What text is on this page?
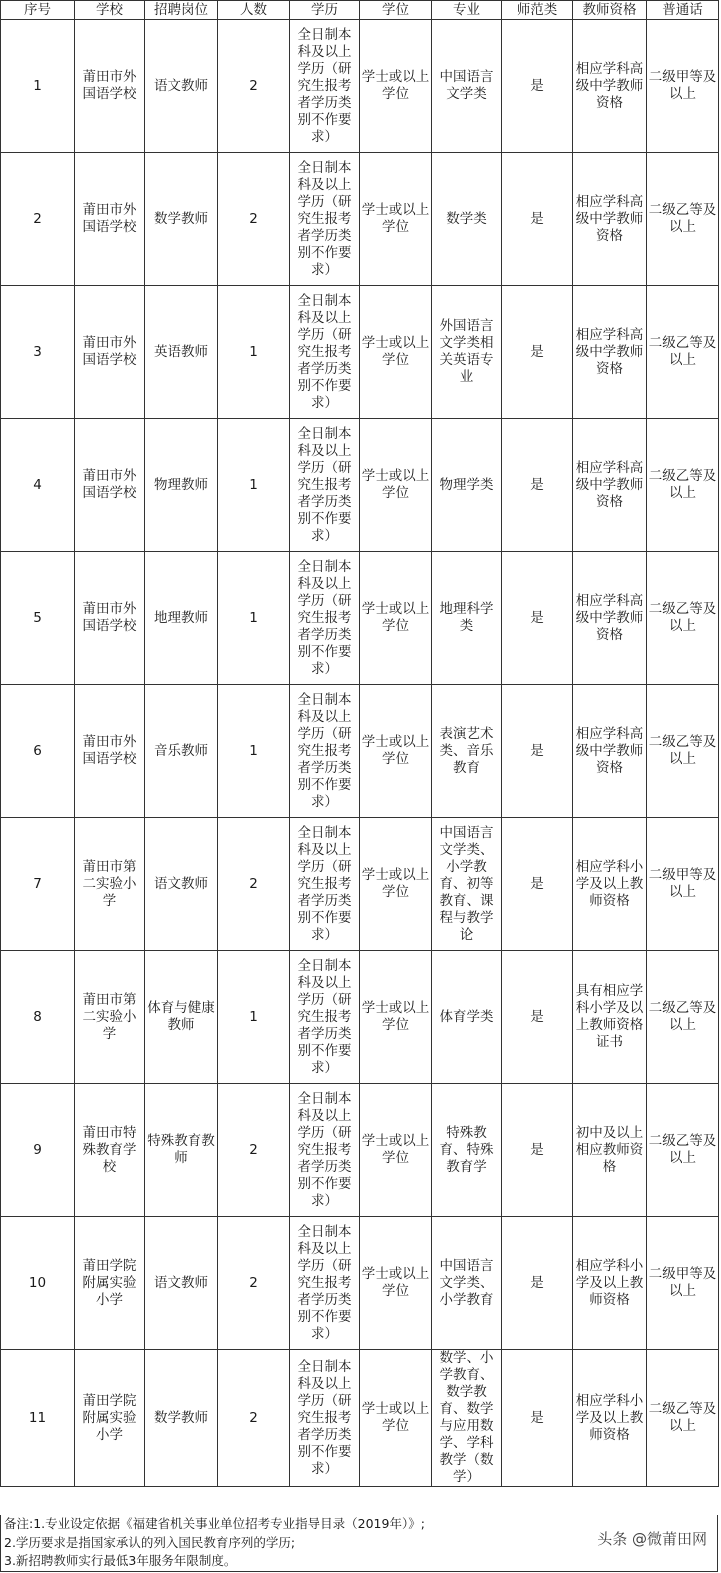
序号	学校	招聘岗位	人数	学历	学位	专业	师范类	教师资格	普通话
1	莆田市外国语学校	语文教师	2	全日制本科及以上学历（研究生报考者学历类别不作要求）	学士或以上学位	中国语言文学类	是	相应学科高级中学教师资格	二级甲等及以上
2	莆田市外国语学校	数学教师	2	全日制本科及以上学历（研究生报考者学历类别不作要求）	学士或以上学位	数学类	是	相应学科高级中学教师资格	二级乙等及以上
3	莆田市外国语学校	英语教师	1	全日制本科及以上学历（研究生报考者学历类别不作要求）	学士或以上学位	外国语言文学类相关英语专业	是	相应学科高级中学教师资格	二级乙等及以上
4	莆田市外国语学校	物理教师	1	全日制本科及以上学历（研究生报考者学历类别不作要求）	学士或以上学位	物理学类	是	相应学科高级中学教师资格	二级乙等及以上
5	莆田市外国语学校	地理教师	1	全日制本科及以上学历（研究生报考者学历类别不作要求）	学士或以上学位	地理科学类	是	相应学科高级中学教师资格	二级乙等及以上
6	莆田市外国语学校	音乐教师	1	全日制本科及以上学历（研究生报考者学历类别不作要求）	学士或以上学位	表演艺术类、音乐教育	是	相应学科高级中学教师资格	二级乙等及以上
7	莆田市第二实验小学	语文教师	2	全日制本科及以上学历（研究生报考者学历类别不作要求）	学士或以上学位	中国语言文学类、小学教育、初等教育、课程与教学论	是	相应学科小学及以上教师资格	二级甲等及以上
8	莆田市第二实验小学	体育与健康教师	1	全日制本科及以上学历（研究生报考者学历类别不作要求）	学士或以上学位	体育学类	是	具有相应学科小学及以上教师资格证书	二级乙等及以上
9	莆田市特殊教育学校	特殊教育教师	2	全日制本科及以上学历（研究生报考者学历类别不作要求）	学士或以上学位	特殊教育、特殊教育学	是	初中及以上相应教师资格	二级乙等及以上
10	莆田学院附属实验小学	语文教师	2	全日制本科及以上学历（研究生报考者学历类别不作要求）	学士或以上学位	中国语言文学类、小学教育	是	相应学科小学及以上教师资格	二级甲等及以上
11	莆田学院附属实验小学	数学教师	2	全日制本科及以上学历（研究生报考者学历类别不作要求）	学士或以上学位	数学、小学教育、数学教育、数学与应用数学、学科教学（数学）	是	相应学科小学及以上教师资格	二级乙等及以上
备注:1.专业设定依据《福建省机关事业单位招考专业指导目录（2019年）》;
2.学历要求是指国家承认的列入国民教育序列的学历;
3.新招聘教师实行最低3年服务年限制度。
头条 @微莆田网
